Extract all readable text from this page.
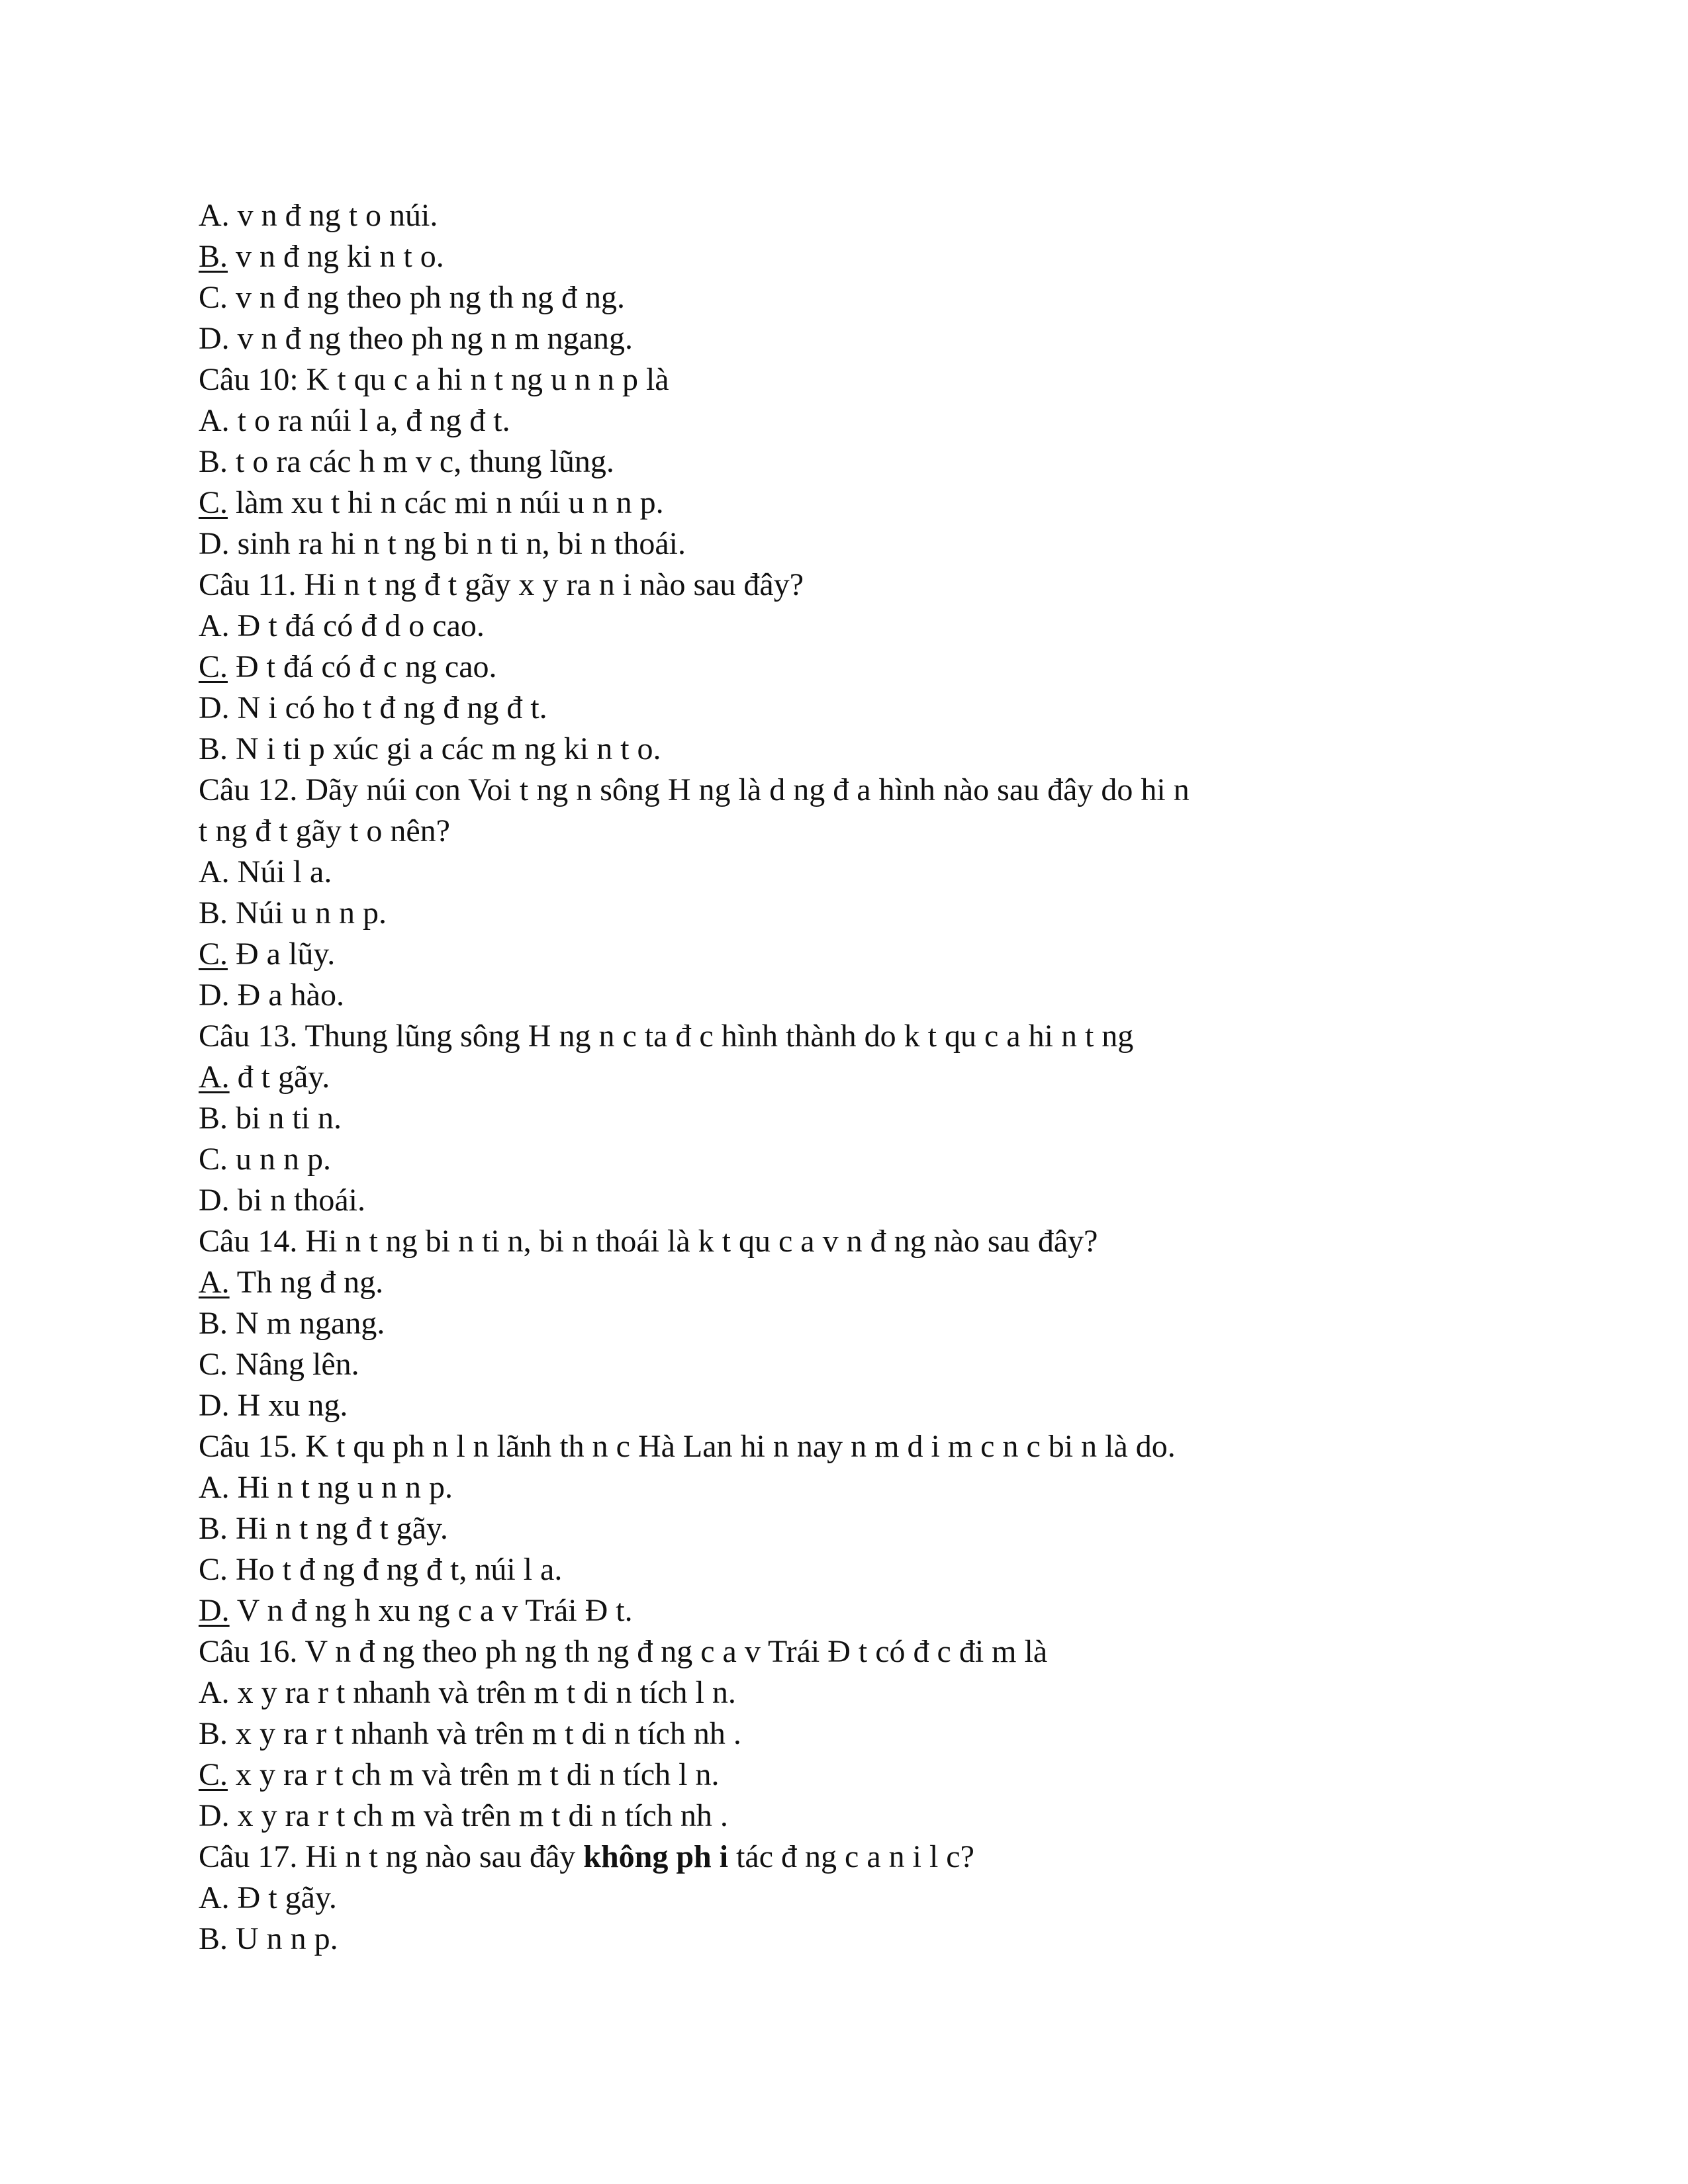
A. v n đ ng t o núi.
B. v n đ ng ki n t o.
C. v n đ ng theo ph ng th ng đ ng.
D. v n đ ng theo ph ng n m ngang.
Câu 10: K t qu c a hi n t ng u n n p là
A. t o ra núi l a, đ ng đ t.
B. t o ra các h m v c, thung lũng.
C. làm xu t hi n các mi n núi u n n p.
D. sinh ra hi n t ng bi n ti n, bi n thoái.
Câu 11. Hi n t ng đ t gãy x y ra n i nào sau đây?
A. Đ t đá có đ d o cao.
C. Đ t đá có đ c ng cao.
D. N i có ho t đ ng đ ng đ t.
B. N i ti p xúc gi a các m ng ki n t o.
Câu 12. Dãy núi con Voi t ng n sông H ng là d ng đ a hình nào sau đây do hi n
t ng đ t gãy t o nên?
A. Núi l a.
B. Núi u n n p.
C. Đ a lũy.
D. Đ a hào.
Câu 13. Thung lũng sông H ng n c ta đ c hình thành do k t qu c a hi n t ng
A. đ t gãy.
B. bi n ti n.
C. u n n p.
D. bi n thoái.
Câu 14. Hi n t ng bi n ti n, bi n thoái là k t qu c a v n đ ng nào sau đây?
A. Th ng đ ng.
B. N m ngang.
C. Nâng lên.
D. H xu ng.
Câu 15. K t qu ph n l n lãnh th n c Hà Lan hi n nay n m d i m c n c bi n là do.
A. Hi n t ng u n n p.
B. Hi n t ng đ t gãy.
C. Ho t đ ng đ ng đ t, núi l a.
D. V n đ ng h xu ng c a v Trái Đ t.
Câu 16. V n đ ng theo ph ng th ng đ ng c a v Trái Đ t có đ c đi m là
A. x y ra r t nhanh và trên m t di n tích l n.
B. x y ra r t nhanh và trên m t di n tích nh .
C. x y ra r t ch m và trên m t di n tích l n.
D. x y ra r t ch m và trên m t di n tích nh .
Câu 17. Hi n t ng nào sau đây không ph i tác đ ng c a n i l c?
A. Đ t gãy.
B. U n n p.
